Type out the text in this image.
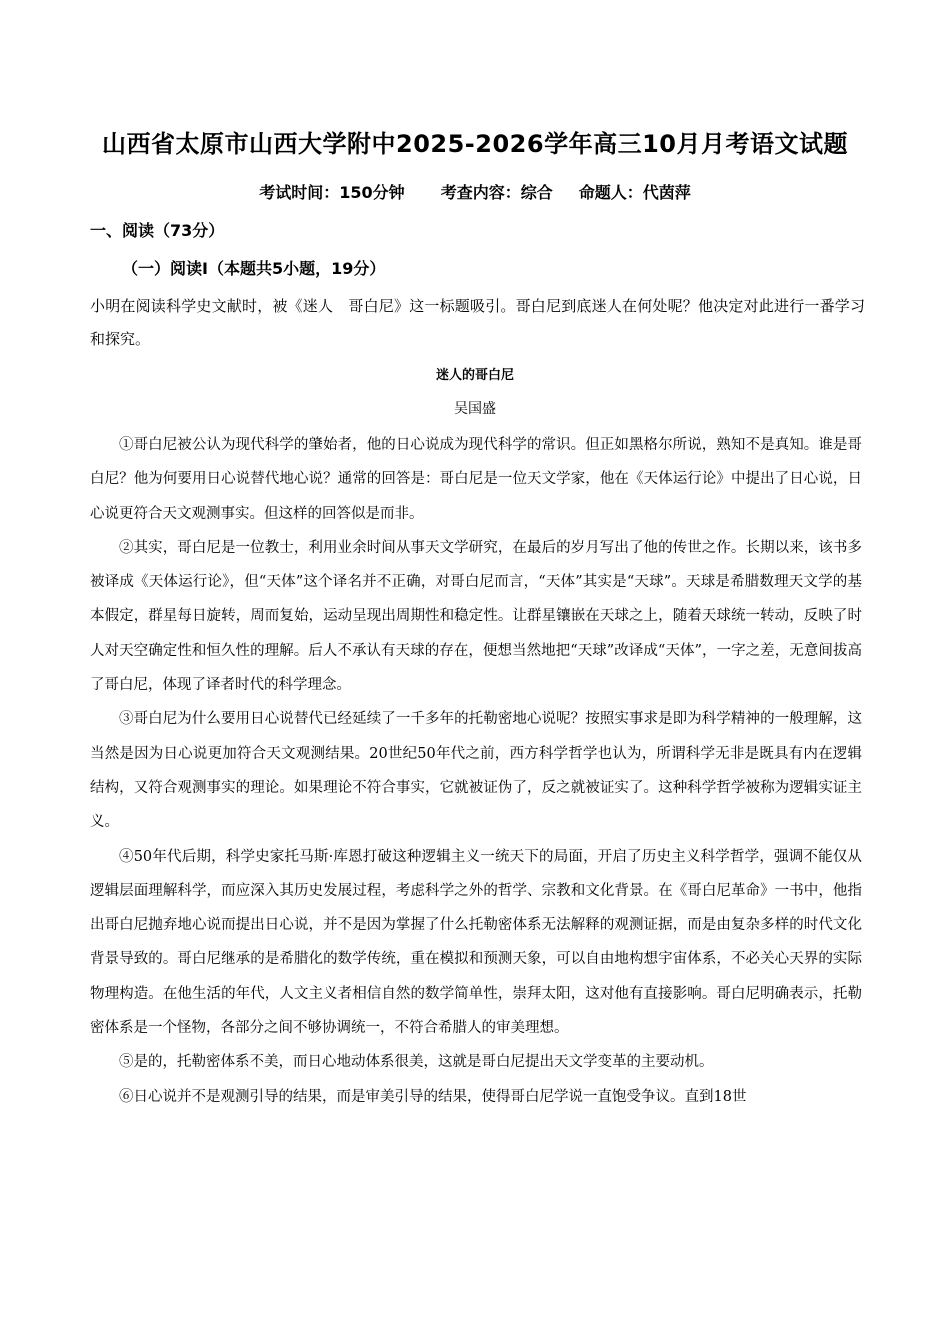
山西省太原市山西大学附中2025-2026学年高三10月月考语文试题
考试时间：150分钟 考查内容：综合 命题人：代茵萍
一、阅读（73分）
（一）阅读Ⅰ（本题共5小题，19分）

小明在阅读科学史文献时，被《迷人　哥白尼》这一标题吸引。哥白尼到底迷人在何处呢？他决定对此进行一番学习和探究。

迷人的哥白尼
吴国盛

①哥白尼被公认为现代科学的肇始者，他的日心说成为现代科学的常识。但正如黑格尔所说，熟知不是真知。谁是哥白尼？他为何要用日心说替代地心说？通常的回答是：哥白尼是一位天文学家，他在《天体运行论》中提出了日心说，日心说更符合天文观测事实。但这样的回答似是而非。

②其实，哥白尼是一位教士，利用业余时间从事天文学研究，在最后的岁月写出了他的传世之作。长期以来，该书多被译成《天体运行论》，但“天体”这个译名并不正确，对哥白尼而言，“天体”其实是“天球”。天球是希腊数理天文学的基本假定，群星每日旋转，周而复始，运动呈现出周期性和稳定性。让群星镶嵌在天球之上，随着天球统一转动，反映了时人对天空确定性和恒久性的理解。后人不承认有天球的存在，便想当然地把“天球”改译成“天体”，一字之差，无意间拔高了哥白尼，体现了译者时代的科学理念。

③哥白尼为什么要用日心说替代已经延续了一千多年的托勒密地心说呢？按照实事求是即为科学精神的一般理解，这当然是因为日心说更加符合天文观测结果。20世纪50年代之前，西方科学哲学也认为，所谓科学无非是既具有内在逻辑结构，又符合观测事实的理论。如果理论不符合事实，它就被证伪了，反之就被证实了。这种科学哲学被称为逻辑实证主义。

④50年代后期，科学史家托马斯·库恩打破这种逻辑主义一统天下的局面，开启了历史主义科学哲学，强调不能仅从逻辑层面理解科学，而应深入其历史发展过程，考虑科学之外的哲学、宗教和文化背景。在《哥白尼革命》一书中，他指出哥白尼抛弃地心说而提出日心说，并不是因为掌握了什么托勒密体系无法解释的观测证据，而是由复杂多样的时代文化背景导致的。哥白尼继承的是希腊化的数学传统，重在模拟和预测天象，可以自由地构想宇宙体系，不必关心天界的实际物理构造。在他生活的年代，人文主义者相信自然的数学简单性，崇拜太阳，这对他有直接影响。哥白尼明确表示，托勒密体系是一个怪物，各部分之间不够协调统一，不符合希腊人的审美理想。

⑤是的，托勒密体系不美，而日心地动体系很美，这就是哥白尼提出天文学变革的主要动机。

⑥日心说并不是观测引导的结果，而是审美引导的结果，使得哥白尼学说一直饱受争议。直到18世
